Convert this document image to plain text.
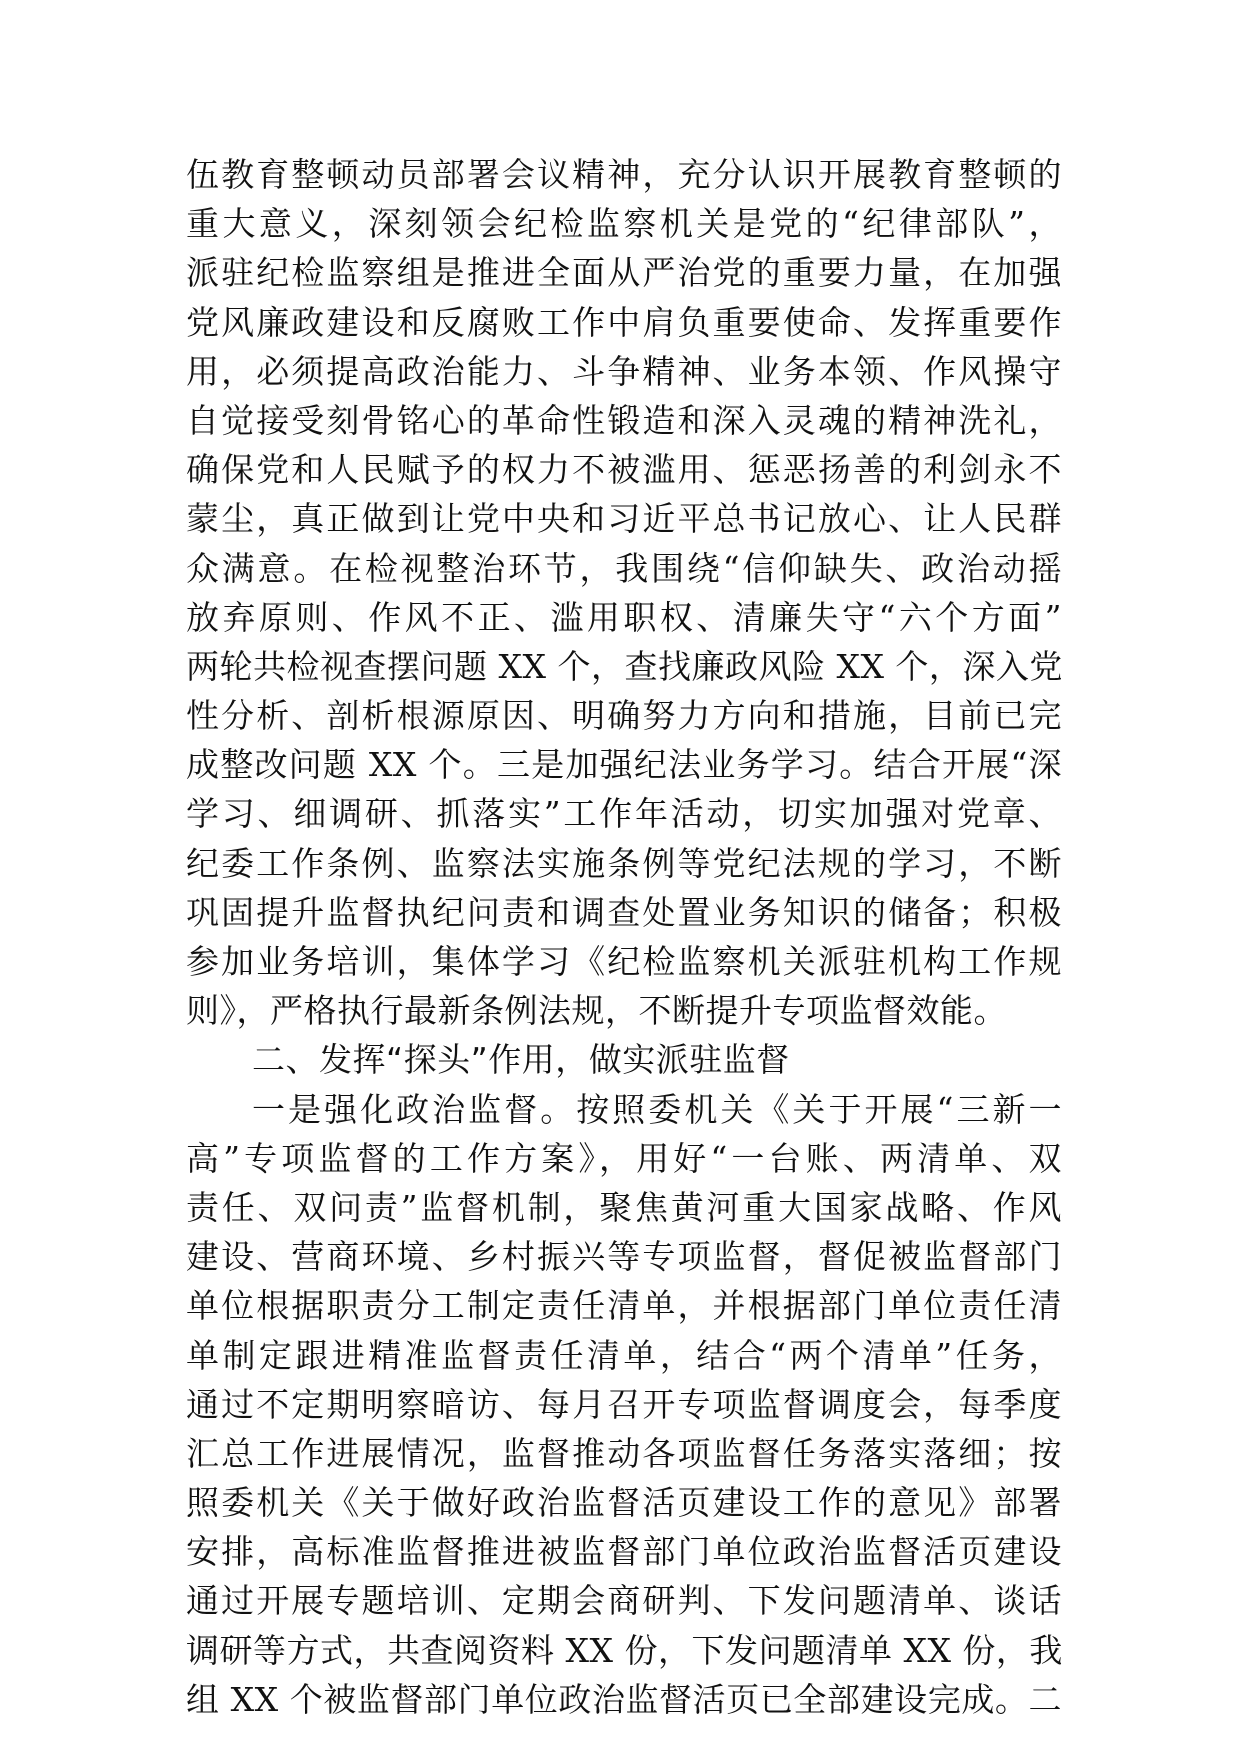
伍教育整顿动员部署会议精神，充分认识开展教育整顿的
重大意义，深刻领会纪检监察机关是党的“纪律部队”，
派驻纪检监察组是推进全面从严治党的重要力量，在加强
党风廉政建设和反腐败工作中肩负重要使命、发挥重要作
用，必须提高政治能力、斗争精神、业务本领、作风操守
自觉接受刻骨铭心的革命性锻造和深入灵魂的精神洗礼，
确保党和人民赋予的权力不被滥用、惩恶扬善的利剑永不
蒙尘，真正做到让党中央和习近平总书记放心、让人民群
众满意。在检视整治环节，我围绕“信仰缺失、政治动摇
放弃原则、作风不正、滥用职权、清廉失守“六个方面”
两轮共检视查摆问题 XX 个，查找廉政风险 XX 个，深入党
性分析、剖析根源原因、明确努力方向和措施，目前已完
成整改问题 XX 个。三是加强纪法业务学习。结合开展“深
学习、细调研、抓落实”工作年活动，切实加强对党章、
纪委工作条例、监察法实施条例等党纪法规的学习，不断
巩固提升监督执纪问责和调查处置业务知识的储备；积极
参加业务培训，集体学习《纪检监察机关派驻机构工作规
则》，严格执行最新条例法规，不断提升专项监督效能。
二、发挥“探头”作用，做实派驻监督
一是强化政治监督。按照委机关《关于开展“三新一
高”专项监督的工作方案》，用好“一台账、两清单、双
责任、双问责”监督机制，聚焦黄河重大国家战略、作风
建设、营商环境、乡村振兴等专项监督，督促被监督部门
单位根据职责分工制定责任清单，并根据部门单位责任清
单制定跟进精准监督责任清单，结合“两个清单”任务，
通过不定期明察暗访、每月召开专项监督调度会，每季度
汇总工作进展情况，监督推动各项监督任务落实落细；按
照委机关《关于做好政治监督活页建设工作的意见》部署
安排，高标准监督推进被监督部门单位政治监督活页建设
通过开展专题培训、定期会商研判、下发问题清单、谈话
调研等方式，共查阅资料 XX 份，下发问题清单 XX 份，我
组 XX 个被监督部门单位政治监督活页已全部建设完成。二
